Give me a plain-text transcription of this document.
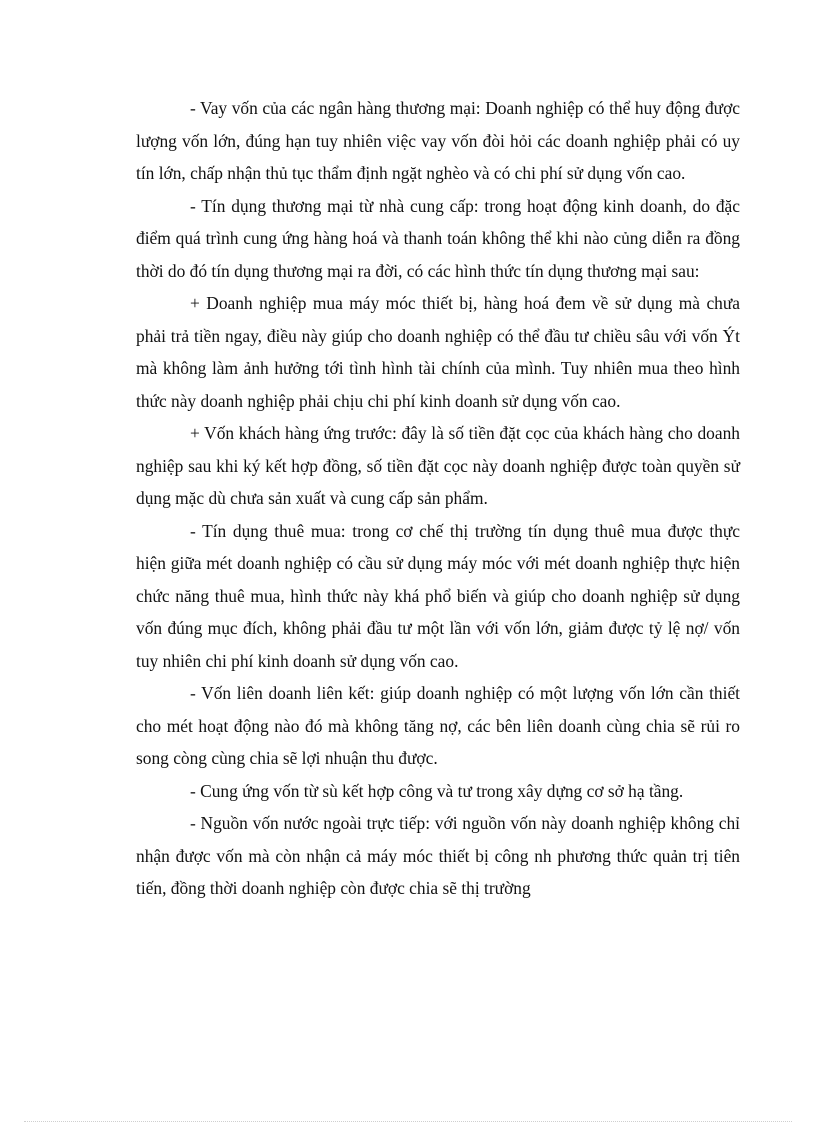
- Vay vốn của các ngân hàng thương mại: Doanh nghiệp có thể huy động được lượng vốn lớn, đúng hạn tuy nhiên việc vay vốn đòi hỏi các doanh nghiệp phải có uy tín lớn, chấp nhận thủ tục thẩm định ngặt nghèo và có chi phí sử dụng vốn cao.

- Tín dụng thương mại từ nhà cung cấp: trong hoạt động kinh doanh, do đặc điểm quá trình cung ứng hàng hoá và thanh toán không thể khi nào củng diễn ra đồng thời do đó tín dụng thương mại ra đời, có các hình thức tín dụng thương mại sau:

+ Doanh nghiệp mua máy móc thiết bị, hàng hoá đem về sử dụng mà chưa phải trả tiền ngay, điều này giúp cho doanh nghiệp có thể đầu tư chiều sâu với vốn Ýt mà không làm ảnh hưởng tới tình hình tài chính của mình. Tuy nhiên mua theo hình thức này doanh nghiệp phải chịu chi phí kinh doanh sử dụng vốn cao.

+ Vốn khách hàng ứng trước: đây là số tiền đặt cọc của khách hàng cho doanh nghiệp sau khi ký kết hợp đồng, số tiền đặt cọc này doanh nghiệp được toàn quyền sử dụng mặc dù chưa sản xuất và cung cấp sản phẩm.

- Tín dụng thuê mua: trong cơ chế thị trường tín dụng thuê mua được thực hiện giữa mét doanh nghiệp có cầu sử dụng máy móc với mét doanh nghiệp thực hiện chức năng thuê mua, hình thức này khá phổ biến và giúp cho doanh nghiệp sử dụng vốn đúng mục đích, không phải đầu tư một lần với vốn lớn, giảm được tỷ lệ nợ/ vốn tuy nhiên chi phí kinh doanh sử dụng vốn cao.

- Vốn liên doanh liên kết: giúp doanh nghiệp có một lượng vốn lớn cần thiết cho mét hoạt động nào đó mà không tăng nợ, các bên liên doanh cùng chia sẽ rủi ro song còng cùng chia sẽ lợi nhuận thu được.

- Cung ứng vốn từ sù kết hợp công và tư trong xây dựng cơ sở hạ tầng.

- Nguồn vốn nước ngoài trực tiếp: với nguồn vốn này doanh nghiệp không chỉ nhận được vốn mà còn nhận cả máy móc thiết bị công nh phương thức quản trị tiên tiến, đồng thời doanh nghiệp còn được chia sẽ thị trường
